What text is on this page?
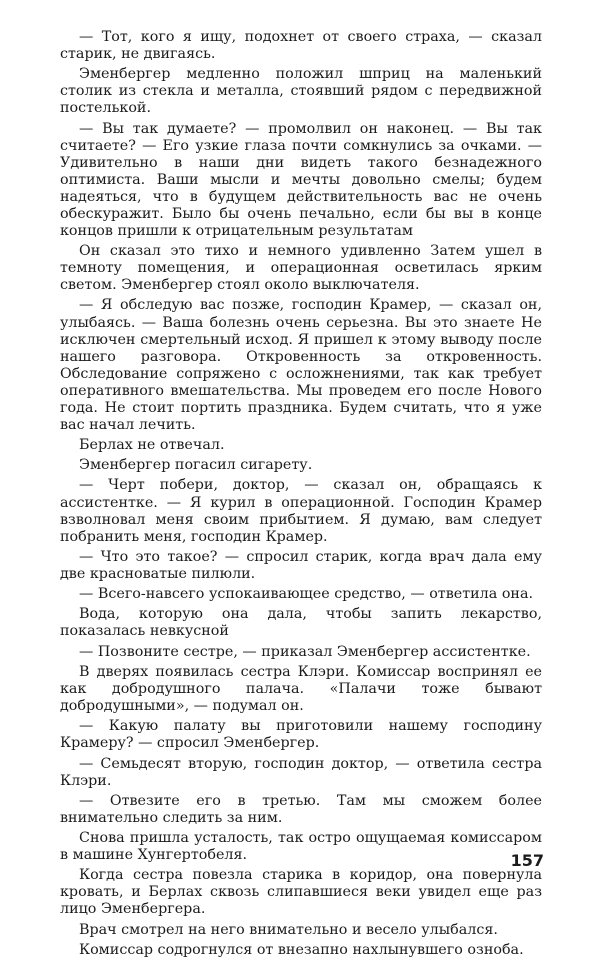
— Тот, кого я ищу, подохнет от своего страха, — сказал старик, не двигаясь.

Эменбергер медленно положил шприц на маленький столик из стекла и металла, стоявший рядом с передвижной постелькой.

— Вы так думаете? — промолвил он наконец. — Вы так считаете? — Его узкие глаза почти сомкнулись за очками. — Удивительно в наши дни видеть такого безнадежного оптимиста. Ваши мысли и мечты довольно смелы; будем надеяться, что в будущем действительность вас не очень обескуражит. Было бы очень печально, если бы вы в конце концов пришли к отрицательным результатам

Он сказал это тихо и немного удивленно Затем ушел в темноту помещения, и операционная осветилась ярким светом. Эменбергер стоял около выключателя.

— Я обследую вас позже, господин Крамер, — сказал он, улыбаясь. — Ваша болезнь очень серьезна. Вы это знаете Не исключен смертельный исход. Я пришел к этому выводу после нашего разговора. Откровенность за откровенность. Обследование сопряжено с осложнениями, так как требует оперативного вмешательства. Мы проведем его после Нового года. Не стоит портить праздника. Будем считать, что я уже вас начал лечить.

Берлах не отвечал.

Эменбергер погасил сигарету.

— Черт побери, доктор, — сказал он, обращаясь к ассистентке. — Я курил в операционной. Господин Крамер взволновал меня своим прибытием. Я думаю, вам следует побранить меня, господин Крамер.

— Что это такое? — спросил старик, когда врач дала ему две красноватые пилюли.

— Всего-навсего успокаивающее средство, — ответила она.

Вода, которую она дала, чтобы запить лекарство, показалась невкусной

— Позвоните сестре, — приказал Эменбергер ассистентке.

В дверях появилась сестра Клэри. Комиссар воспринял ее как добродушного палача. «Палачи тоже бывают добродушными», — подумал он.

— Какую палату вы приготовили нашему господину Крамеру? — спросил Эменбергер.

— Семьдесят вторую, господин доктор, — ответила сестра Клэри.

— Отвезите его в третью. Там мы сможем более внимательно следить за ним.

Снова пришла усталость, так остро ощущаемая комиссаром в машине Хунгертобеля.

Когда сестра повезла старика в коридор, она повернула кровать, и Берлах сквозь слипавшиеся веки увидел еще раз лицо Эменбергера.

Врач смотрел на него внимательно и весело улыбался.

Комиссар содрогнулся от внезапно нахлынувшего озноба.

157
